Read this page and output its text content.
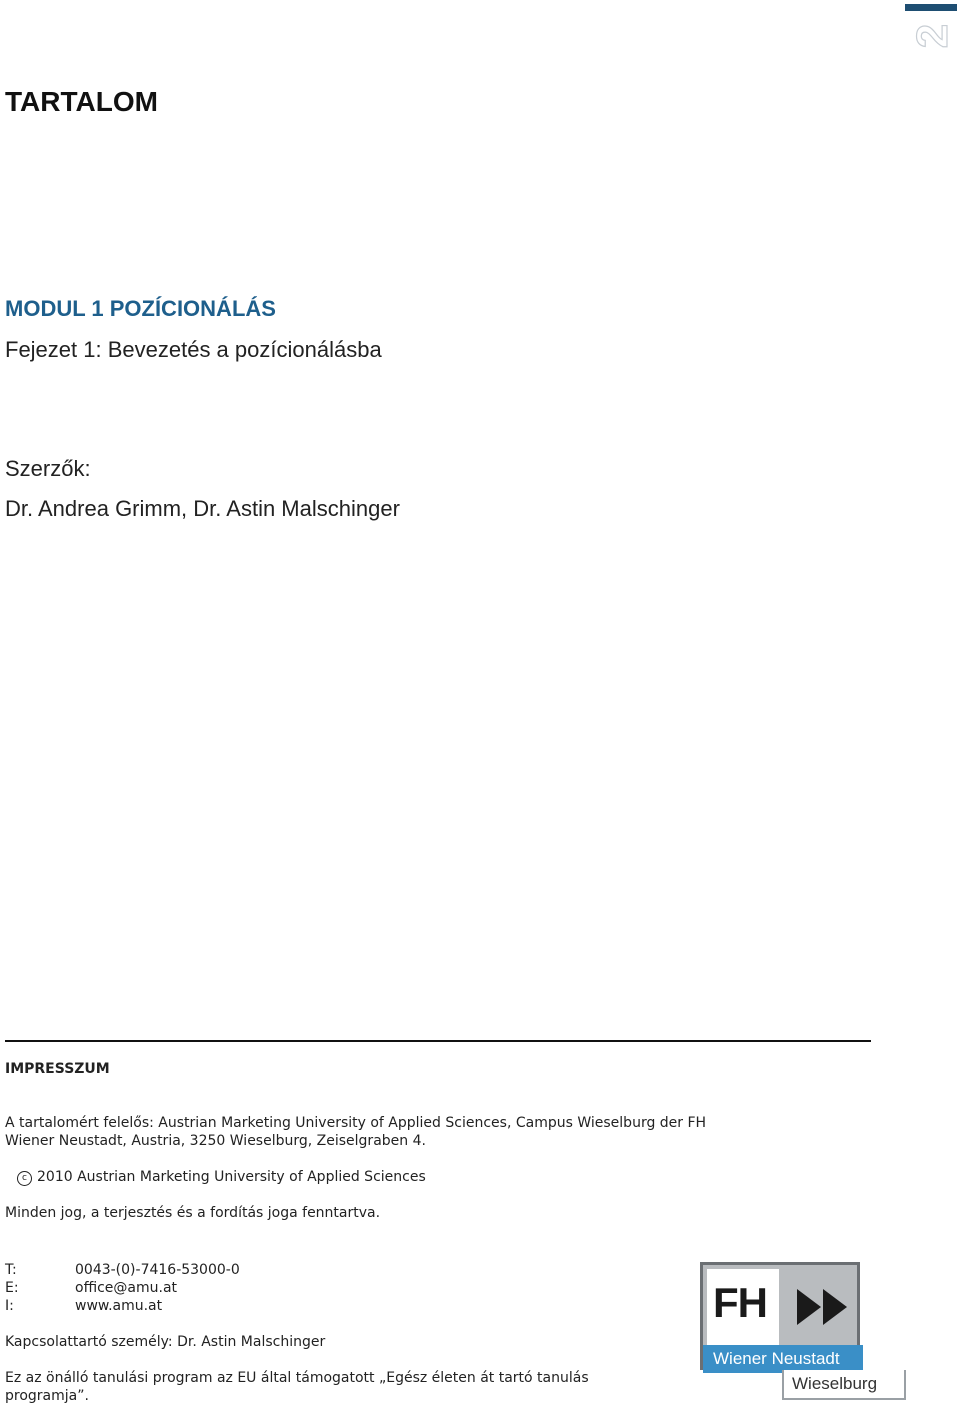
2
TARTALOM
MODUL 1 POZÍCIONÁLÁS

Fejezet 1: Bevezetés a pozícionálásba

Szerzők:

Dr. Andrea Grimm, Dr. Astin Malschinger

IMPRESSZUM
A tartalomért felelős: Austrian Marketing University of Applied Sciences, Campus Wieselburg der FH Wiener Neustadt, Austria, 3250 Wieselburg, Zeiselgraben 4.
c 2010 Austrian Marketing University of Applied Sciences
Minden jog, a terjesztés és a fordítás joga fenntartva.
T:	0043-(0)-7416-53000-0
E:	office@amu.at
I:	www.amu.at
Kapcsolattartó személy: Dr. Astin Malschinger
Ez az önálló tanulási program az EU által támogatott „Egész életen át tartó tanulás programja”.
FH
Wiener Neustadt
Wieselburg
